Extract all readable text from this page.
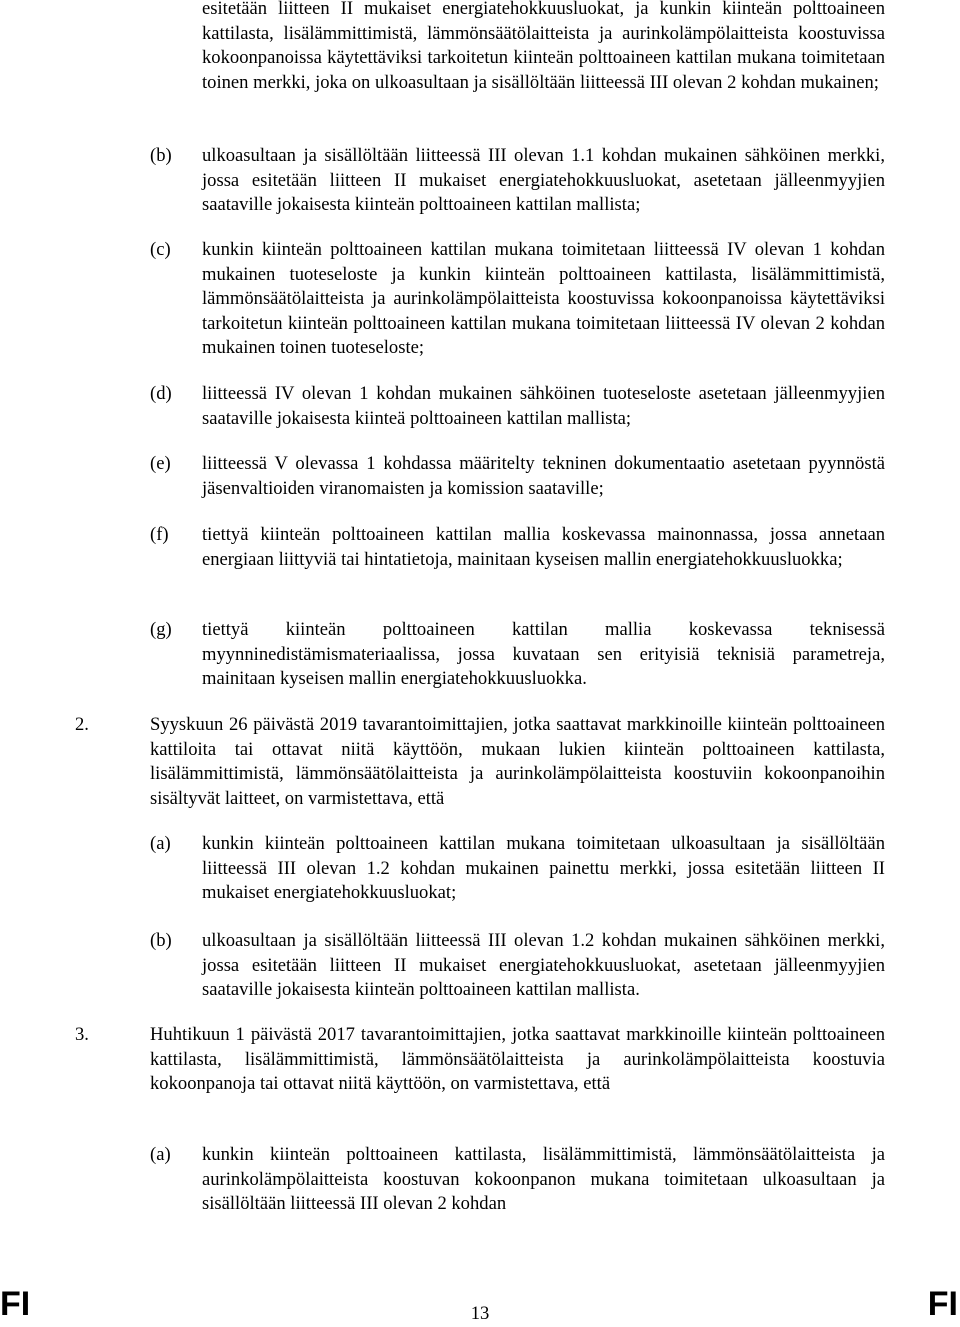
esitetään liitteen II mukaiset energiatehokkuusluokat, ja kunkin kiinteän polttoaineen kattilasta, lisälämmittimistä, lämmönsäätölaitteista ja aurinkolämpölaitteista koostuvissa kokoonpanoissa käytettäviksi tarkoitetun kiinteän polttoaineen kattilan mukana toimitetaan toinen merkki, joka on ulkoasultaan ja sisällöltään liitteessä III olevan 2 kohdan mukainen;
(b) ulkoasultaan ja sisällöltään liitteessä III olevan 1.1 kohdan mukainen sähköinen merkki, jossa esitetään liitteen II mukaiset energiatehokkuusluokat, asetetaan jälleenmyyjien saataville jokaisesta kiinteän polttoaineen kattilan mallista;
(c) kunkin kiinteän polttoaineen kattilan mukana toimitetaan liitteessä IV olevan 1 kohdan mukainen tuoteseloste ja kunkin kiinteän polttoaineen kattilasta, lisälämmittimistä, lämmönsäätölaitteista ja aurinkolämpölaitteista koostuvissa kokoonpanoissa käytettäviksi tarkoitetun kiinteän polttoaineen kattilan mukana toimitetaan liitteessä IV olevan 2 kohdan mukainen toinen tuoteseloste;
(d) liitteessä IV olevan 1 kohdan mukainen sähköinen tuoteseloste asetetaan jälleenmyyjien saataville jokaisesta kiinteä polttoaineen kattilan mallista;
(e) liitteessä V olevassa 1 kohdassa määritelty tekninen dokumentaatio asetetaan pyynnöstä jäsenvaltioiden viranomaisten ja komission saataville;
(f) tiettyä kiinteän polttoaineen kattilan mallia koskevassa mainonnassa, jossa annetaan energiaan liittyviä tai hintatietoja, mainitaan kyseisen mallin energiatehokkuusluokka;
(g) tiettyä kiinteän polttoaineen kattilan mallia koskevassa teknisessä myynninedistämismateriaalissa, jossa kuvataan sen erityisiä teknisiä parametreja, mainitaan kyseisen mallin energiatehokkuusluokka.
2.	Syyskuun 26 päivästä 2019 tavarantoimittajien, jotka saattavat markkinoille kiinteän polttoaineen kattiloita tai ottavat niitä käyttöön, mukaan lukien kiinteän polttoaineen kattilasta, lisälämmittimistä, lämmönsäätölaitteista ja aurinkolämpölaitteista koostuviin kokoonpanoihin sisältyvät laitteet, on varmistettava, että
(a) kunkin kiinteän polttoaineen kattilan mukana toimitetaan ulkoasultaan ja sisällöltään liitteessä III olevan 1.2 kohdan mukainen painettu merkki, jossa esitetään liitteen II mukaiset energiatehokkuusluokat;
(b) ulkoasultaan ja sisällöltään liitteessä III olevan 1.2 kohdan mukainen sähköinen merkki, jossa esitetään liitteen II mukaiset energiatehokkuusluokat, asetetaan jälleenmyyjien saataville jokaisesta kiinteän polttoaineen kattilan mallista.
3.	Huhtikuun 1 päivästä 2017 tavarantoimittajien, jotka saattavat markkinoille kiinteän polttoaineen kattilasta, lisälämmittimistä, lämmönsäätölaitteista ja aurinkolämpölaitteista koostuvia kokoonpanoja tai ottavat niitä käyttöön, on varmistettava, että
(a) kunkin kiinteän polttoaineen kattilasta, lisälämmittimistä, lämmönsäätölaitteista ja aurinkolämpölaitteista koostuvan kokoonpanon mukana toimitetaan ulkoasultaan ja sisällöltään liitteessä III olevan 2 kohdan
FI	13	FI
